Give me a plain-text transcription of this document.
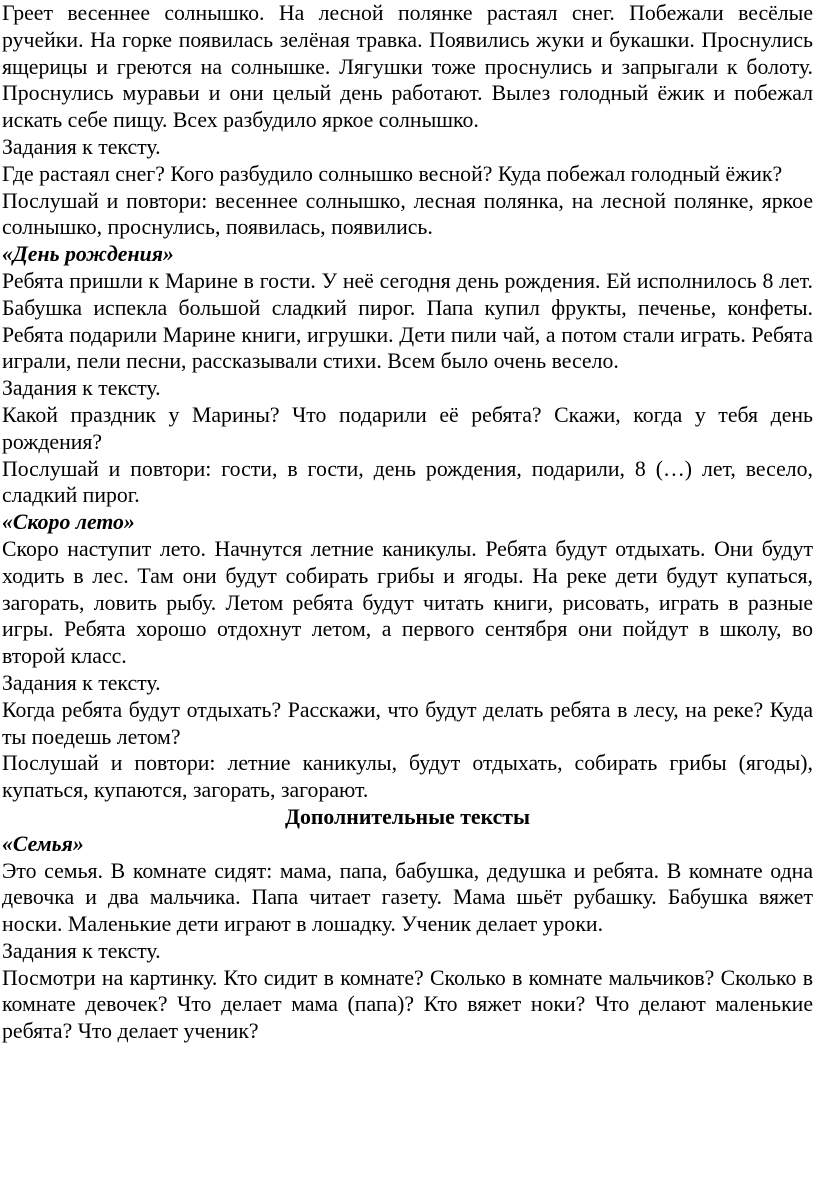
Греет весеннее солнышко. На лесной полянке растаял снег. Побежали весёлые ручейки. На горке появилась зелёная травка. Появились жуки и букашки. Проснулись ящерицы и греются на солнышке. Лягушки тоже проснулись и запрыгали к болоту. Проснулись муравьи и они целый день работают. Вылез голодный ёжик и побежал искать себе пищу. Всех разбудило яркое солнышко.

Задания к тексту.

Где растаял снег? Кого разбудило солнышко весной? Куда побежал голодный ёжик?

Послушай и повтори: весеннее солнышко, лесная полянка, на лесной полянке, яркое солнышко, проснулись, появилась, появились.

«День рождения»

Ребята пришли к Марине в гости. У неё сегодня день рождения. Ей исполнилось 8 лет. Бабушка испекла большой сладкий пирог. Папа купил фрукты, печенье, конфеты. Ребята подарили Марине книги, игрушки. Дети пили чай, а потом стали играть. Ребята играли, пели песни, рассказывали стихи. Всем было очень весело.

Задания к тексту.

Какой праздник у Марины? Что подарили её ребята? Скажи, когда у тебя день рождения?

Послушай и повтори: гости, в гости, день рождения, подарили, 8 (…) лет, весело, сладкий пирог.

«Скоро лето»

Скоро наступит лето. Начнутся летние каникулы. Ребята будут отдыхать. Они будут ходить в лес. Там они будут собирать грибы и ягоды. На реке дети будут купаться, загорать, ловить рыбу. Летом ребята будут читать книги, рисовать, играть в разные игры. Ребята хорошо отдохнут летом, а первого сентября они пойдут в школу, во второй класс.

Задания к тексту.

Когда ребята будут отдыхать? Расскажи, что будут делать ребята в лесу, на реке? Куда ты поедешь летом?

Послушай и повтори: летние каникулы, будут отдыхать, собирать грибы (ягоды), купаться, купаются, загорать, загорают.

Дополнительные тексты
«Семья»

Это семья. В комнате сидят: мама, папа, бабушка, дедушка и ребята. В комнате одна девочка и два мальчика. Папа читает газету. Мама шьёт рубашку. Бабушка вяжет носки. Маленькие дети играют в лошадку. Ученик делает уроки.

Задания к тексту.

Посмотри на картинку. Кто сидит в комнате? Сколько в комнате мальчиков? Сколько в комнате девочек? Что делает мама (папа)? Кто вяжет ноки? Что делают маленькие ребята? Что делает ученик?
